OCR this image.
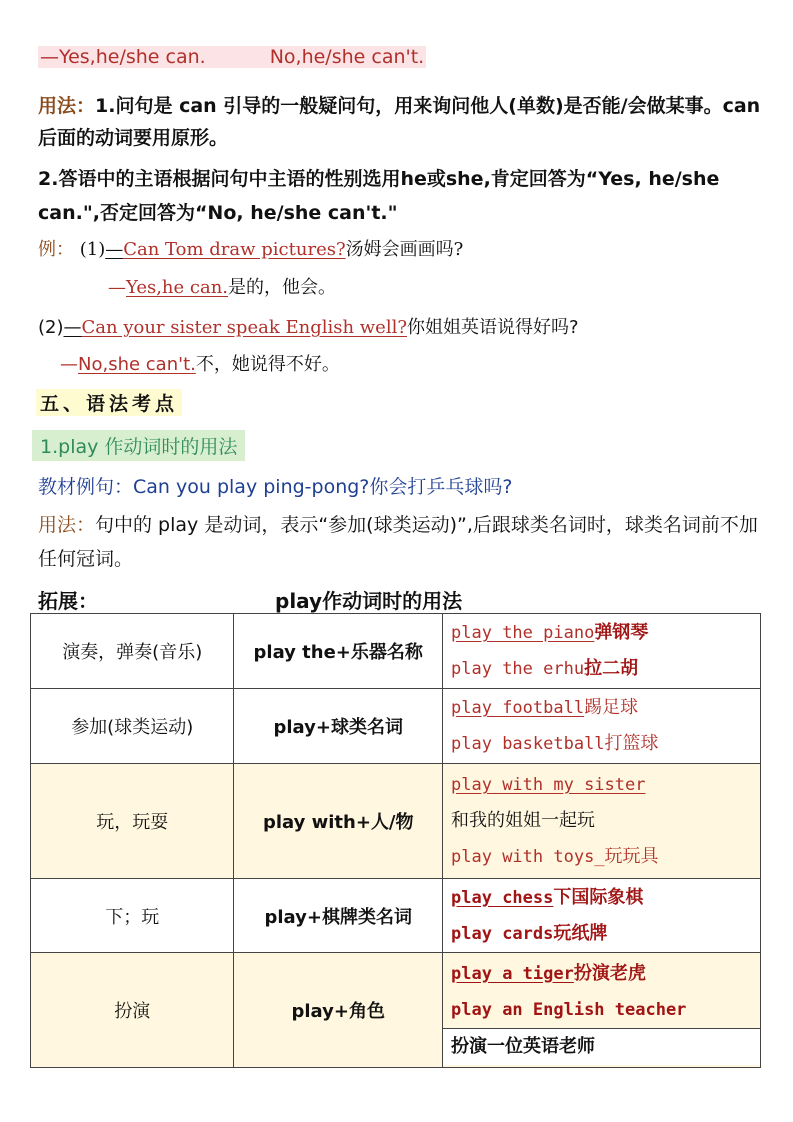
—Yes,he/she can.	No,he/she can't.
用法：1.问句是 can 引导的一般疑问句，用来询问他人(单数)是否能/会做某事。can 后面的动词要用原形。
2.答语中的主语根据问句中主语的性别选用he或she,肯定回答为“Yes, he/she can.",否定回答为“No, he/she can't."
例： (1)—Can Tom draw pictures?汤姆会画画吗?
—Yes,he can.是的，他会。
(2)—Can your sister speak English well?你姐姐英语说得好吗?
—No,she can't.不，她说得不好。
五、语法考点
1.play 作动词时的用法
教材例句：Can you play ping-pong?你会打乒乓球吗?
用法：句中的 play 是动词，表示“参加(球类运动)”,后跟球类名词时，球类名词前不加任何冠词。
拓展：	play作动词时的用法
演奏，弹奏(音乐)	play the+乐器名称	play the piano弹钢琴
play the erhu拉二胡

参加(球类运动)	play+球类名词	play football踢足球
play basketball打篮球

玩，玩耍	play with+人/物	play with my sister
和我的姐姐一起玩
play with toys_玩玩具

下；玩	play+棋牌类名词	play chess下国际象棋
play cards玩纸牌

扮演	play+角色	play a tiger扮演老虎
play an English teacher
扮演一位英语老师
